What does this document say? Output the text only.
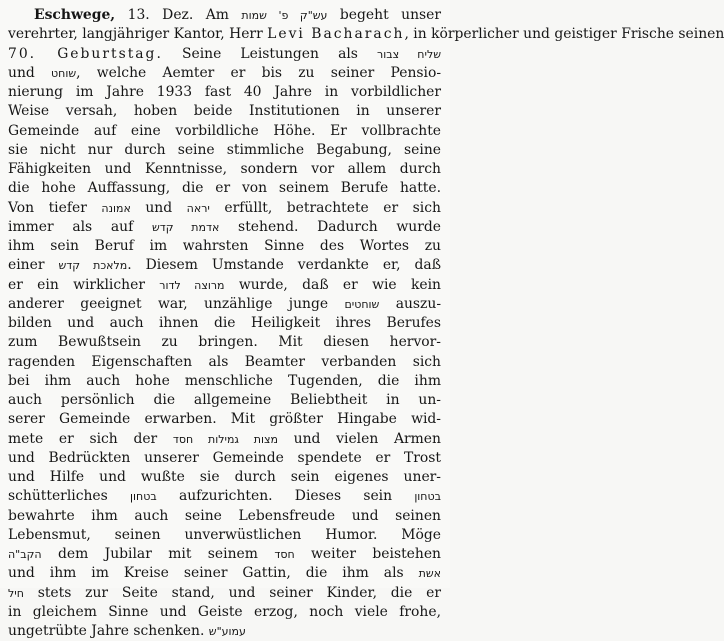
Eschwege, 13. Dez. Am עש"ק פ' שמות begeht unser
verehrter, langjähriger Kantor, Herr Levi Bacharach, in körperlicher und geistiger Frische seinen
70. Geburtstag. Seine Leistungen als שליח צבור
und שוחט, welche Aemter er bis zu seiner Pensio-
nierung im Jahre 1933 fast 40 Jahre in vorbildlicher
Weise versah, hoben beide Institutionen in unserer
Gemeinde auf eine vorbildliche Höhe. Er vollbrachte
sie nicht nur durch seine stimmliche Begabung, seine
Fähigkeiten und Kenntnisse, sondern vor allem durch
die hohe Auffassung, die er von seinem Berufe hatte.
Von tiefer אמונה und יראה erfüllt, betrachtete er sich
immer als auf אדמת קדש stehend. Dadurch wurde
ihm sein Beruf im wahrsten Sinne des Wortes zu
einer מלאכת קדש. Diesem Umstande verdankte er, daß
er ein wirklicher מרוצה לדור wurde, daß er wie kein
anderer geeignet war, unzählige junge שוחטים auszu-
bilden und auch ihnen die Heiligkeit ihres Berufes
zum Bewußtsein zu bringen. Mit diesen hervor-
ragenden Eigenschaften als Beamter verbanden sich
bei ihm auch hohe menschliche Tugenden, die ihm
auch persönlich die allgemeine Beliebtheit in un-
serer Gemeinde erwarben. Mit größter Hingabe wid-
mete er sich der מצות גמילות חסד und vielen Armen
und Bedrückten unserer Gemeinde spendete er Trost
und Hilfe und wußte sie durch sein eigenes uner-
schütterliches בטחון aufzurichten. Dieses sein בטחון
bewahrte ihm auch seine Lebensfreude und seinen
Lebensmut, seinen unverwüstlichen Humor. Möge
הקב"ה dem Jubilar mit seinem חסד weiter beistehen
und ihm im Kreise seiner Gattin, die ihm als אשת
חיל stets zur Seite stand, und seiner Kinder, die er
in gleichem Sinne und Geiste erzog, noch viele frohe,
ungetrübte Jahre schenken. עמוע"ש
